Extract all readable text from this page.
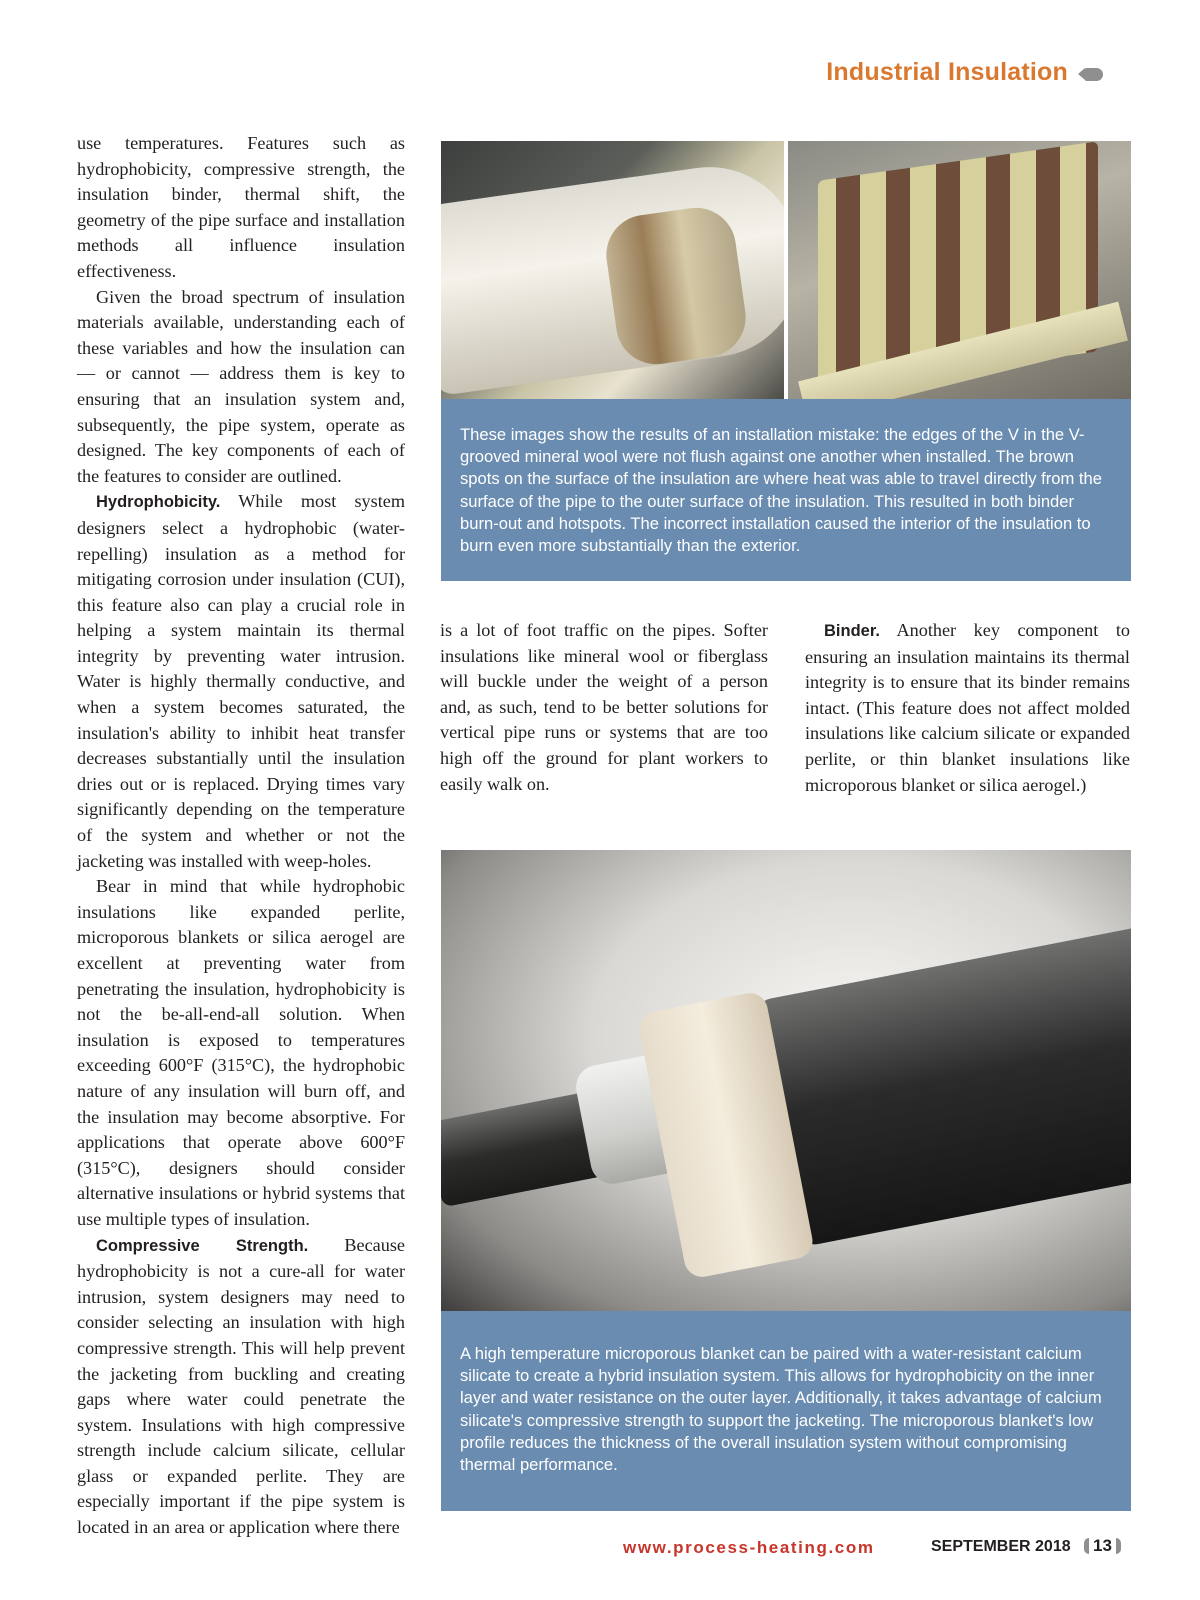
Industrial Insulation

use temperatures. Features such as hydrophobicity, compressive strength, the insulation binder, thermal shift, the geometry of the pipe surface and installation methods all influence insulation effectiveness.

Given the broad spectrum of insulation materials available, understanding each of these variables and how the insulation can — or cannot — address them is key to ensuring that an insulation system and, subsequently, the pipe system, operate as designed. The key components of each of the features to consider are outlined.

Hydrophobicity. While most system designers select a hydrophobic (water-repelling) insulation as a method for mitigating corrosion under insulation (CUI), this feature also can play a crucial role in helping a system maintain its thermal integrity by preventing water intrusion. Water is highly thermally conductive, and when a system becomes saturated, the insulation's ability to inhibit heat transfer decreases substantially until the insulation dries out or is replaced. Drying times vary significantly depending on the temperature of the system and whether or not the jacketing was installed with weep-holes.

Bear in mind that while hydrophobic insulations like expanded perlite, microporous blankets or silica aerogel are excellent at preventing water from penetrating the insulation, hydrophobicity is not the be-all-end-all solution. When insulation is exposed to temperatures exceeding 600°F (315°C), the hydrophobic nature of any insulation will burn off, and the insulation may become absorptive. For applications that operate above 600°F (315°C), designers should consider alternative insulations or hybrid systems that use multiple types of insulation.

Compressive Strength. Because hydrophobicity is not a cure-all for water intrusion, system designers may need to consider selecting an insulation with high compressive strength. This will help prevent the jacketing from buckling and creating gaps where water could penetrate the system. Insulations with high compressive strength include calcium silicate, cellular glass or expanded perlite. They are especially important if the pipe system is located in an area or application where there

These images show the results of an installation mistake: the edges of the V in the V-grooved mineral wool were not flush against one another when installed. The brown spots on the surface of the insulation are where heat was able to travel directly from the surface of the pipe to the outer surface of the insulation. This resulted in both binder burn-out and hotspots. The incorrect installation caused the interior of the insulation to burn even more substantially than the exterior.

is a lot of foot traffic on the pipes. Softer insulations like mineral wool or fiberglass will buckle under the weight of a person and, as such, tend to be better solutions for vertical pipe runs or systems that are too high off the ground for plant workers to easily walk on.

Binder. Another key component to ensuring an insulation maintains its thermal integrity is to ensure that its binder remains intact. (This feature does not affect molded insulations like calcium silicate or expanded perlite, or thin blanket insulations like microporous blanket or silica aerogel.)

A high temperature microporous blanket can be paired with a water-resistant calcium silicate to create a hybrid insulation system. This allows for hydrophobicity on the inner layer and water resistance on the outer layer. Additionally, it takes advantage of calcium silicate's compressive strength to support the jacketing. The microporous blanket's low profile reduces the thickness of the overall insulation system without compromising thermal performance.
www.process-heating.com	SEPTEMBER 2018	13
